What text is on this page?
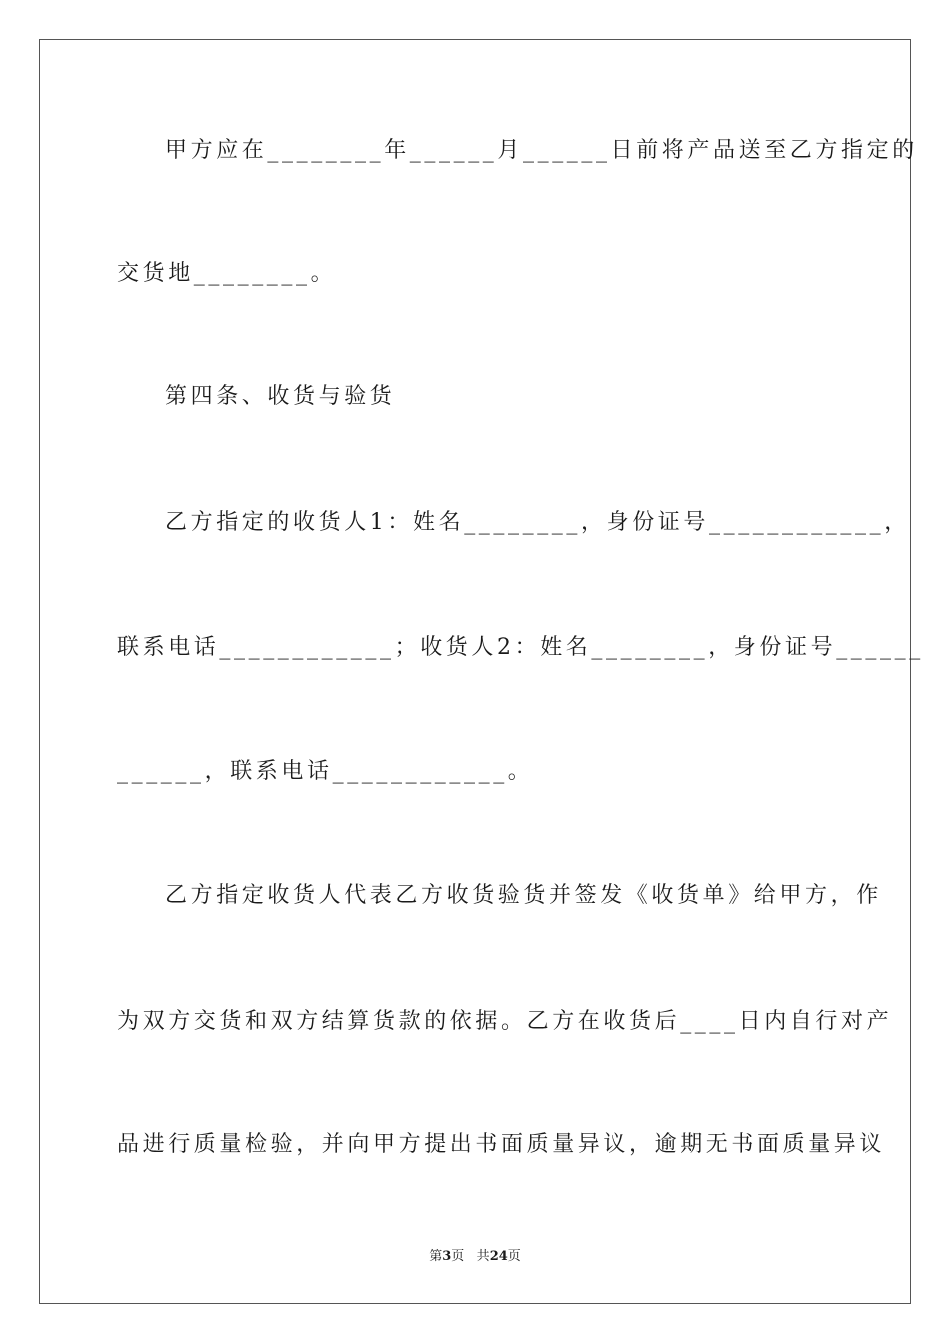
甲方应在________年______月______日前将产品送至乙方指定的
交货地________。
第四条、收货与验货
乙方指定的收货人1：姓名________，身份证号____________，
联系电话____________；收货人2：姓名________，身份证号______
______，联系电话____________。
乙方指定收货人代表乙方收货验货并签发《收货单》给甲方，作
为双方交货和双方结算货款的依据。乙方在收货后____日内自行对产
品进行质量检验，并向甲方提出书面质量异议，逾期无书面质量异议
第3页 共24页
